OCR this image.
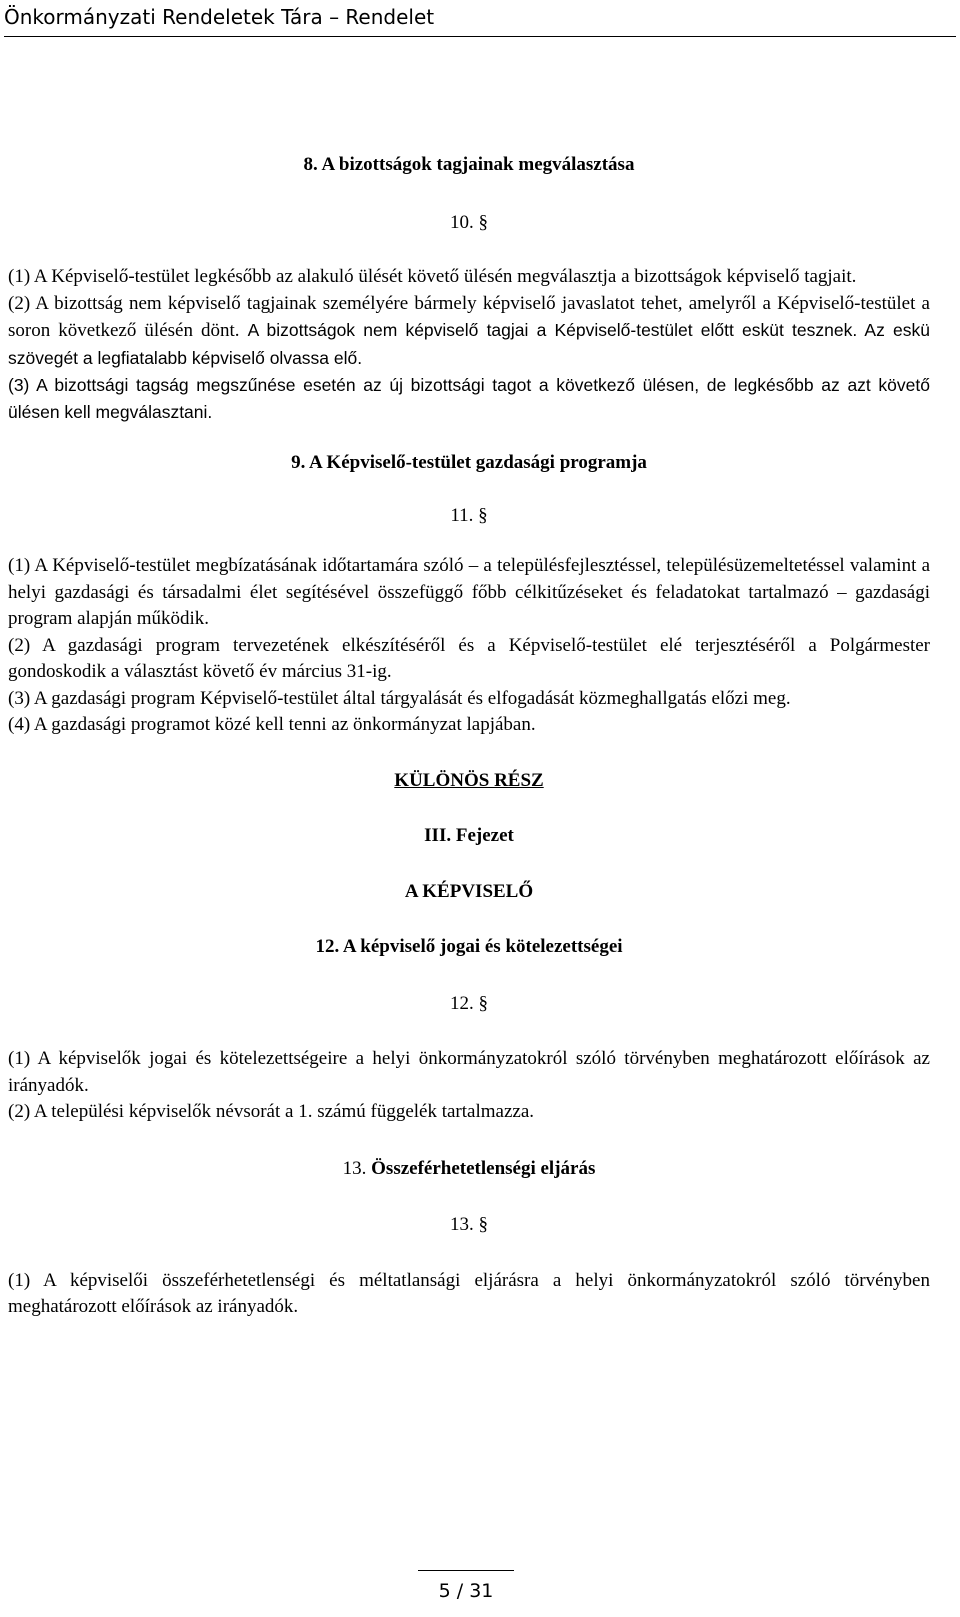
Önkormányzati Rendeletek Tára – Rendelet

8. A bizottságok tagjainak megválasztása

10. §

(1) A Képviselő-testület legkésőbb az alakuló ülését követő ülésén megválasztja a bizottságok képviselő tagjait.

(2) A bizottság nem képviselő tagjainak személyére bármely képviselő javaslatot tehet, amelyről a Képviselő-testület a soron következő ülésén dönt. A bizottságok nem képviselő tagjai a Képviselő-testület előtt esküt tesznek. Az eskü szövegét a legfiatalabb képviselő olvassa elő.

(3) A bizottsági tagság megszűnése esetén az új bizottsági tagot a következő ülésen, de legkésőbb az azt követő ülésen kell megválasztani.

9. A Képviselő-testület gazdasági programja

11. §

(1) A Képviselő-testület megbízatásának időtartamára szóló – a településfejlesztéssel, településüzemeltetéssel valamint a helyi gazdasági és társadalmi élet segítésével összefüggő főbb célkitűzéseket és feladatokat tartalmazó – gazdasági program alapján működik.

(2) A gazdasági program tervezetének elkészítéséről és a Képviselő-testület elé terjesztéséről a Polgármester gondoskodik a választást követő év március 31-ig.

(3) A gazdasági program Képviselő-testület által tárgyalását és elfogadását közmeghallgatás előzi meg.

(4) A gazdasági programot közé kell tenni az önkormányzat lapjában.

KÜLÖNÖS RÉSZ

III. Fejezet

A KÉPVISELŐ

12. A képviselő jogai és kötelezettségei

12. §

(1) A képviselők jogai és kötelezettségeire a helyi önkormányzatokról szóló törvényben meghatározott előírások az irányadók.

(2) A települési képviselők névsorát a 1. számú függelék tartalmazza.

13. Összeférhetetlenségi eljárás

13. §

(1) A képviselői összeférhetetlenségi és méltatlansági eljárásra a helyi önkormányzatokról szóló törvényben meghatározott előírások az irányadók.

5 / 31
